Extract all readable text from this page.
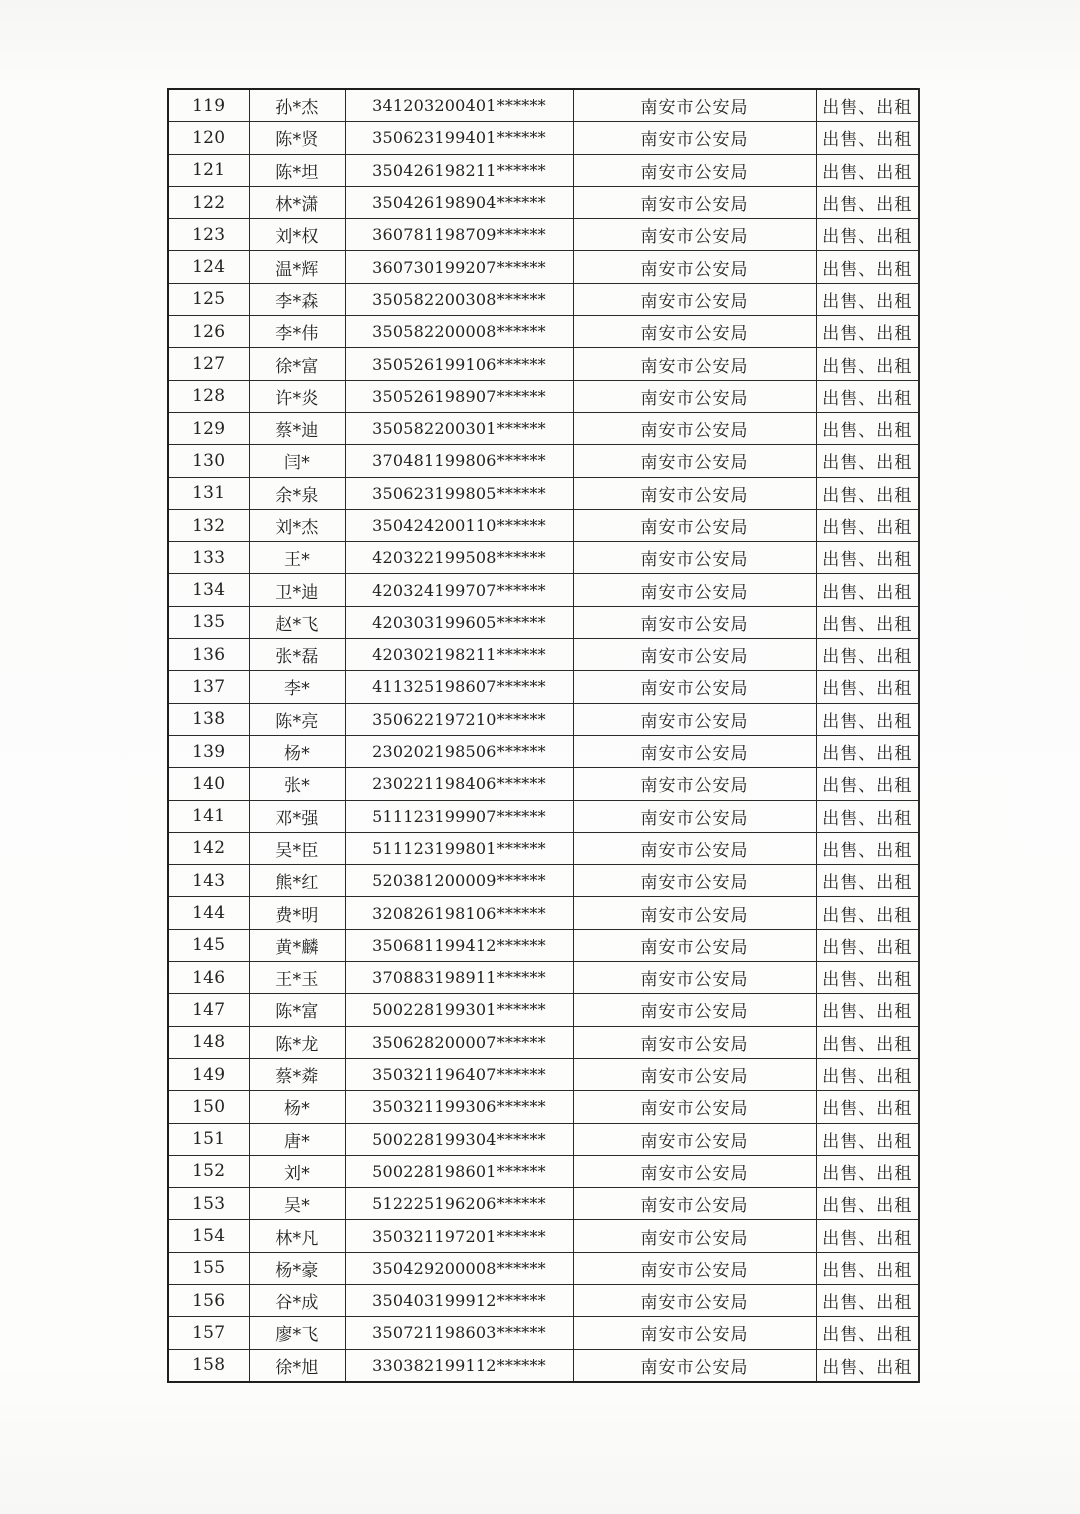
119	孙*杰	341203200401******	南安市公安局	出售、出租
120	陈*贤	350623199401******	南安市公安局	出售、出租
121	陈*坦	350426198211******	南安市公安局	出售、出租
122	林*潇	350426198904******	南安市公安局	出售、出租
123	刘*权	360781198709******	南安市公安局	出售、出租
124	温*辉	360730199207******	南安市公安局	出售、出租
125	李*森	350582200308******	南安市公安局	出售、出租
126	李*伟	350582200008******	南安市公安局	出售、出租
127	徐*富	350526199106******	南安市公安局	出售、出租
128	许*炎	350526198907******	南安市公安局	出售、出租
129	蔡*迪	350582200301******	南安市公安局	出售、出租
130	闫*	370481199806******	南安市公安局	出售、出租
131	余*泉	350623199805******	南安市公安局	出售、出租
132	刘*杰	350424200110******	南安市公安局	出售、出租
133	王*	420322199508******	南安市公安局	出售、出租
134	卫*迪	420324199707******	南安市公安局	出售、出租
135	赵*飞	420303199605******	南安市公安局	出售、出租
136	张*磊	420302198211******	南安市公安局	出售、出租
137	李*	411325198607******	南安市公安局	出售、出租
138	陈*亮	350622197210******	南安市公安局	出售、出租
139	杨*	230202198506******	南安市公安局	出售、出租
140	张*	230221198406******	南安市公安局	出售、出租
141	邓*强	511123199907******	南安市公安局	出售、出租
142	吴*臣	511123199801******	南安市公安局	出售、出租
143	熊*红	520381200009******	南安市公安局	出售、出租
144	费*明	320826198106******	南安市公安局	出售、出租
145	黄*麟	350681199412******	南安市公安局	出售、出租
146	王*玉	370883198911******	南安市公安局	出售、出租
147	陈*富	500228199301******	南安市公安局	出售、出租
148	陈*龙	350628200007******	南安市公安局	出售、出租
149	蔡*粦	350321196407******	南安市公安局	出售、出租
150	杨*	350321199306******	南安市公安局	出售、出租
151	唐*	500228199304******	南安市公安局	出售、出租
152	刘*	500228198601******	南安市公安局	出售、出租
153	吴*	512225196206******	南安市公安局	出售、出租
154	林*凡	350321197201******	南安市公安局	出售、出租
155	杨*豪	350429200008******	南安市公安局	出售、出租
156	谷*成	350403199912******	南安市公安局	出售、出租
157	廖*飞	350721198603******	南安市公安局	出售、出租
158	徐*旭	330382199112******	南安市公安局	出售、出租
